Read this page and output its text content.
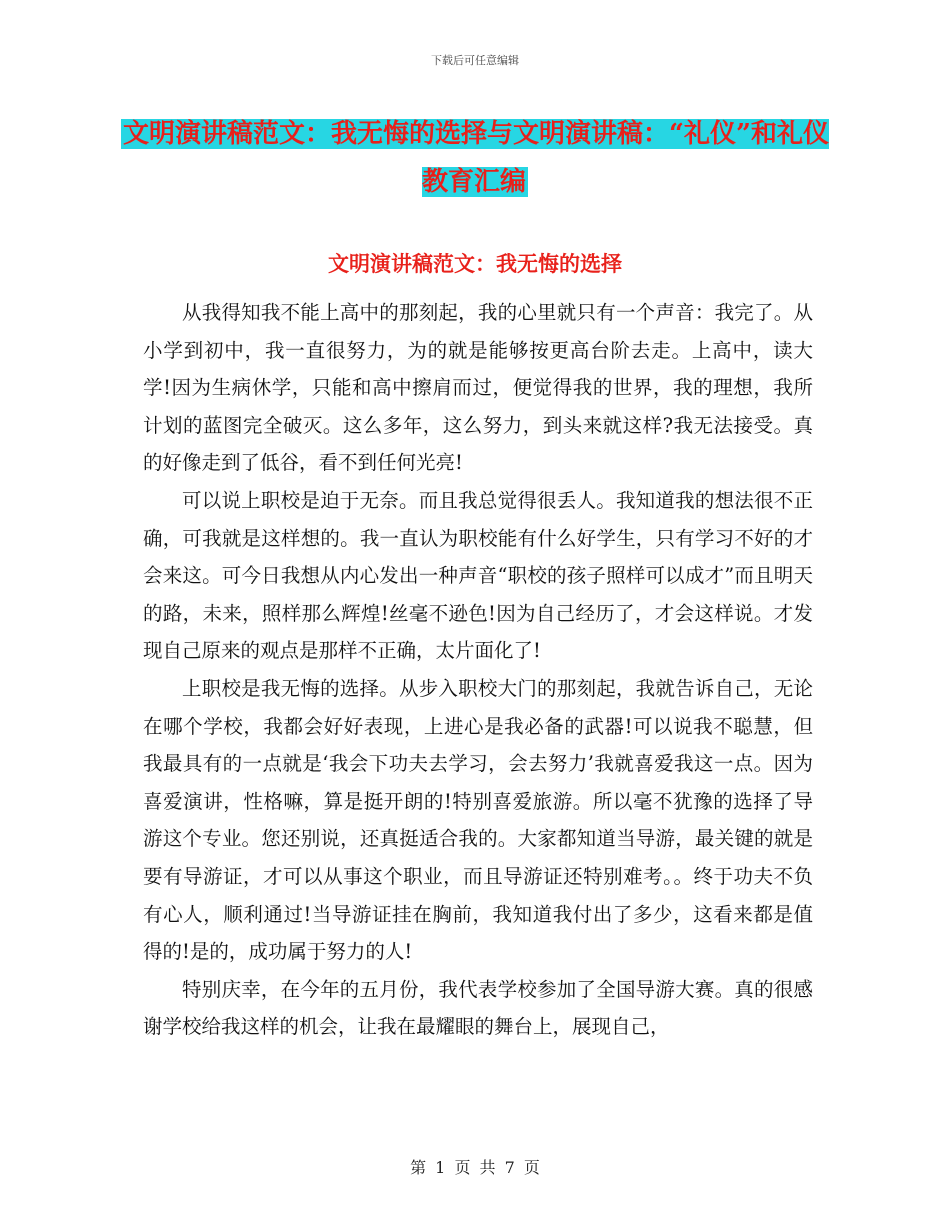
下载后可任意编辑
文明演讲稿范文：我无悔的选择与文明演讲稿：“礼仪”和礼仪教育汇编
文明演讲稿范文：我无悔的选择

从我得知我不能上高中的那刻起，我的心里就只有一个声音：我完了。从小学到初中，我一直很努力，为的就是能够按更高台阶去走。上高中，读大学!因为生病休学，只能和高中擦肩而过，便觉得我的世界，我的理想，我所计划的蓝图完全破灭。这么多年，这么努力，到头来就这样?我无法接受。真的好像走到了低谷，看不到任何光亮!

可以说上职校是迫于无奈。而且我总觉得很丢人。我知道我的想法很不正确，可我就是这样想的。我一直认为职校能有什么好学生，只有学习不好的才会来这。可今日我想从内心发出一种声音“职校的孩子照样可以成才”而且明天的路，未来，照样那么辉煌!丝毫不逊色!因为自己经历了，才会这样说。才发现自己原来的观点是那样不正确，太片面化了!

上职校是我无悔的选择。从步入职校大门的那刻起，我就告诉自己，无论在哪个学校，我都会好好表现，上进心是我必备的武器!可以说我不聪慧，但我最具有的一点就是‘我会下功夫去学习，会去努力’我就喜爱我这一点。因为喜爱演讲，性格嘛，算是挺开朗的!特别喜爱旅游。所以毫不犹豫的选择了导游这个专业。您还别说，还真挺适合我的。大家都知道当导游，最关键的就是要有导游证，才可以从事这个职业，而且导游证还特别难考。。终于功夫不负有心人，顺利通过!当导游证挂在胸前，我知道我付出了多少，这看来都是值得的!是的，成功属于努力的人!

特别庆幸，在今年的五月份，我代表学校参加了全国导游大赛。真的很感谢学校给我这样的机会，让我在最耀眼的舞台上，展现自己，

第 1 页 共 7 页
